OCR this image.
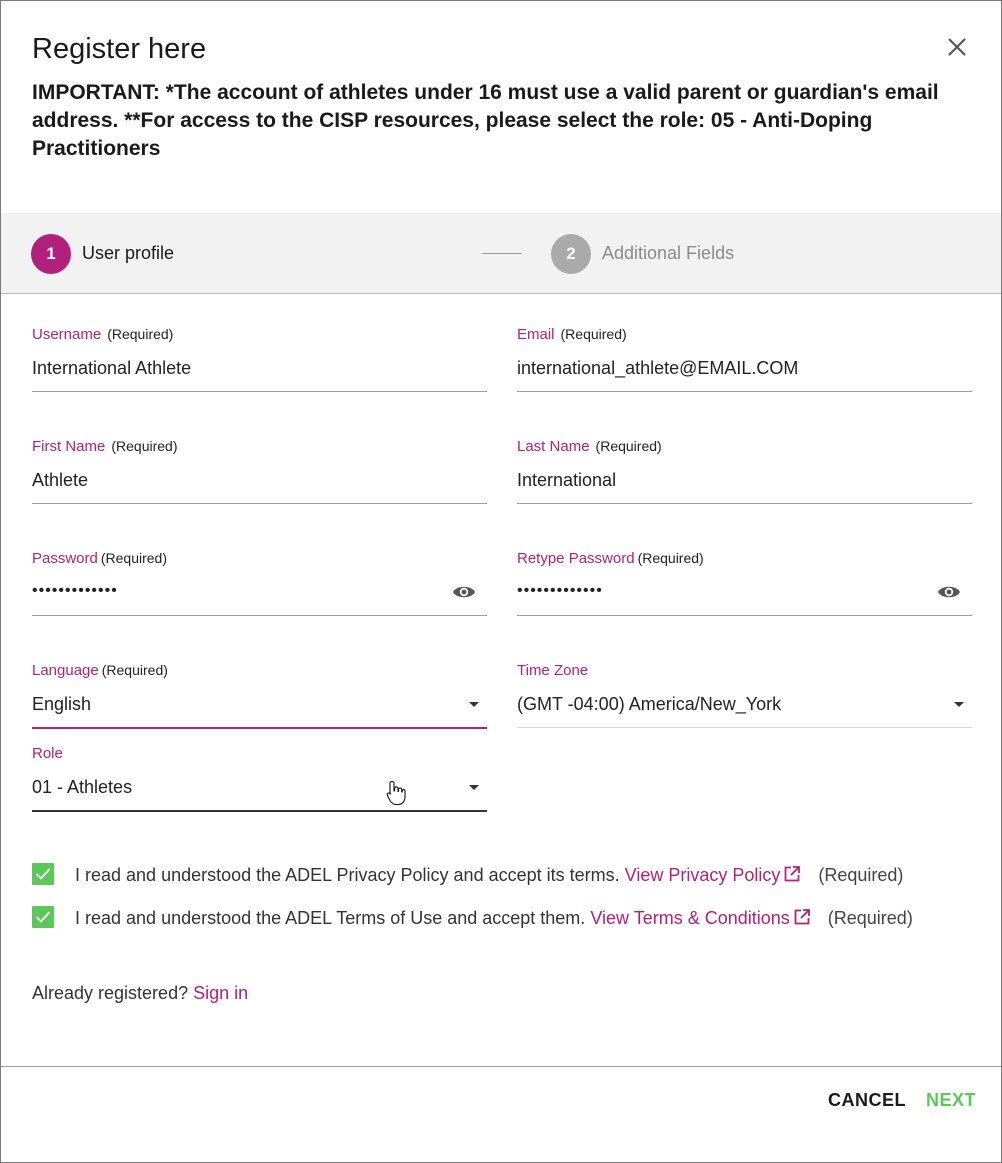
Register here
IMPORTANT: *The account of athletes under 16 must use a valid parent or guardian's email address. **For access to the CISP resources, please select the role: 05 - Anti-Doping Practitioners
1	User profile	2	Additional Fields
Username (Required)
International Athlete
Email (Required)
international_athlete@EMAIL.COM
First Name (Required)
Athlete
Last Name (Required)
International
Password (Required)
•••••••••••••
Retype Password (Required)
•••••••••••••
Language (Required)
English
Time Zone
(GMT -04:00) America/New_York
Role
01 - Athletes
I read and understood the ADEL Privacy Policy and accept its terms. View Privacy Policy (Required)
I read and understood the ADEL Terms of Use and accept them. View Terms & Conditions (Required)
Already registered? Sign in
CANCEL NEXT
